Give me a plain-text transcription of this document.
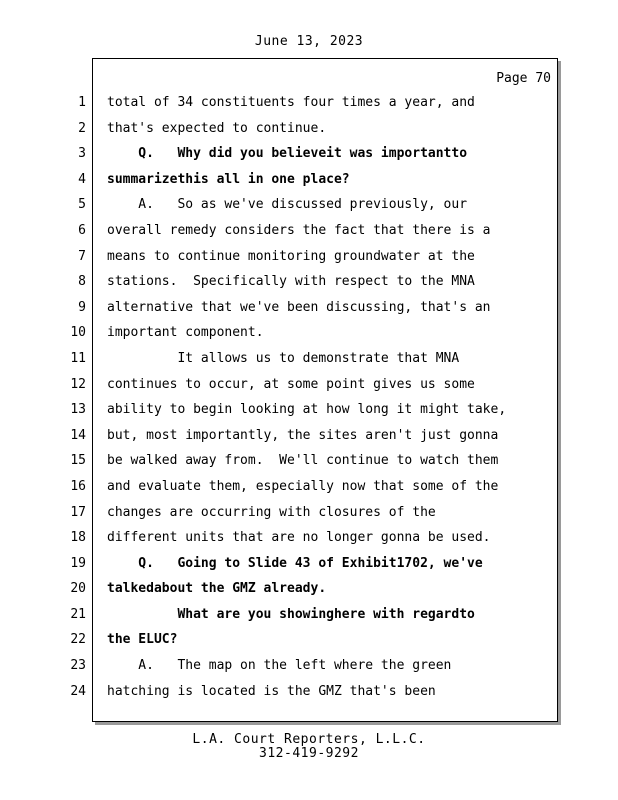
June 13, 2023
Page 70
1
2
3
4
5
6
7
8
9
10
11
12
13
14
15
16
17
18
19
20
21
22
23
24
total of 34 constituents four times a year, and
that's expected to continue.
Q.   Why did you believeit was importantto
summarizethis all in one place?
A.   So as we've discussed previously, our
overall remedy considers the fact that there is a
means to continue monitoring groundwater at the
stations.  Specifically with respect to the MNA
alternative that we've been discussing, that's an
important component.
It allows us to demonstrate that MNA
continues to occur, at some point gives us some
ability to begin looking at how long it might take,
but, most importantly, the sites aren't just gonna
be walked away from.  We'll continue to watch them
and evaluate them, especially now that some of the
changes are occurring with closures of the
different units that are no longer gonna be used.
Q.   Going to Slide 43 of Exhibit1702, we've
talkedabout the GMZ already.
What are you showinghere with regardto
the ELUC?
A.   The map on the left where the green
hatching is located is the GMZ that's been
L.A. Court Reporters, L.L.C.
312-419-9292
